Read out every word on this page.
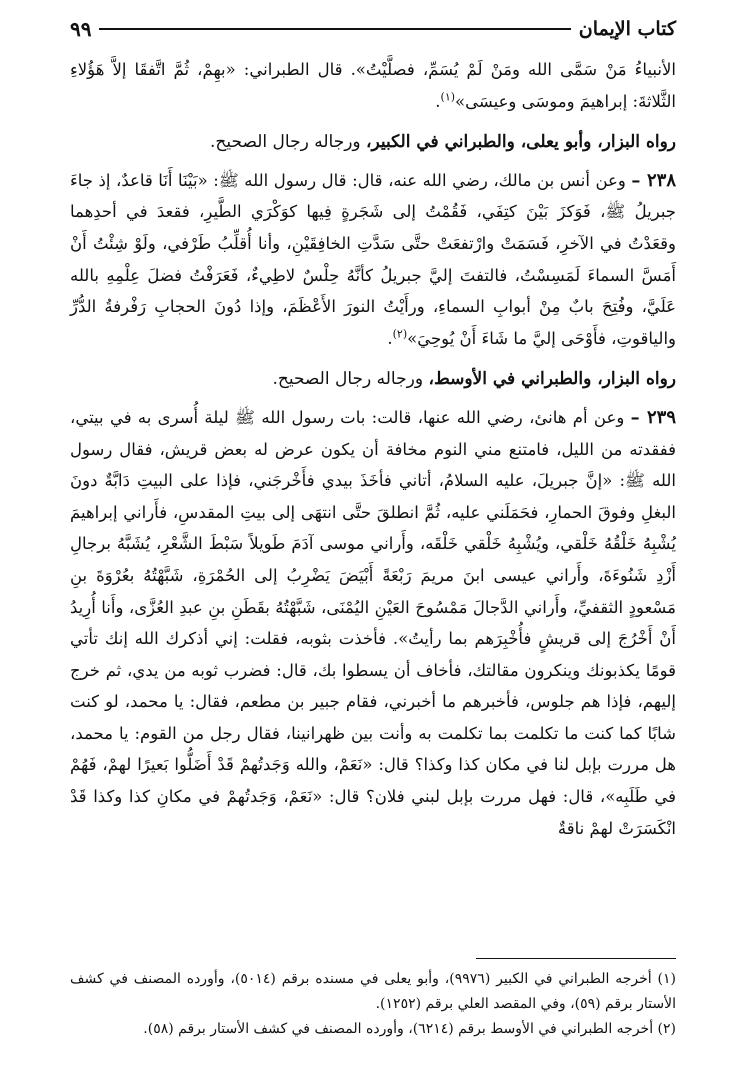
كتاب الإيمان
٩٩

الأنبياءُ مَنْ سَمَّى الله ومَنْ لَمْ يُسَمِّ، فصلَّيْتُ». قال الطبراني: «بهِمْ، ثُمَّ اتَّفقَا إلاَّ هَؤُلاءِ الثَّلاثةَ: إبراهيمَ وموسَى وعيسَى»$^{(١)}$.

رواه البزار، وأبو يعلى، والطبراني في الكبير، ورجاله رجال الصحيح.

٢٣٨ – وعن أنس بن مالك، رضي الله عنه، قال: قال رسول الله ﷺ: «بَيْنَا أَنَا قاعدٌ، إذ جاءَ جبريلُ ﷺ، فَوَكزَ بَيْنَ كتِفَي، فَقُمْتُ إلى شَجَرةٍ فِيها كوَكْرَي الطَّيرِ، فقعدَ في أحدِهما وقعَدْتُ في الآخرِ، فَسَمَتْ وارْتفعَتْ حتَّى سَدَّتِ الخافِقَيْنِ، وأنا أُقلِّبُ طَرْفي، ولَوْ شِئْتُ أَنْ أَمَسَّ السماءَ لَمَسِسْتُ، فالتفتَ إليَّ جبريلُ كأنَّهُ حِلْسٌ لاطِيءٌ، فَعَرَفْتُ فضلَ عِلْمِهِ بالله عَلَيَّ، وفُتِحَ بابٌ مِنْ أبوابِ السماءِ، ورأَيْتُ النورَ الأَعْظَمَ، وإذا دُونَ الحجابِ رَفْرفةُ الدُّرِّ والياقوتِ، فأَوْحَى إليَّ ما شَاءَ أَنْ يُوحِيَ»$^{(٢)}$.

رواه البزار، والطبراني في الأوسط، ورجاله رجال الصحيح.

٢٣٩ – وعن أم هانئ، رضي الله عنها، قالت: بات رسول الله ﷺ ليلة أُسرى به في بيتي، ففقدته من الليل، فامتنع مني النوم مخافة أن يكون عرض له بعض قريش، فقال رسول الله ﷺ: «إنَّ جبريلَ، عليه السلامُ، أتاني فأخَذَ بيدي فأَخْرجَني، فإذا على البيتِ دَابَّةٌ دونَ البغلِ وفوقَ الحمارِ، فحَمَلَني عليه، ثُمَّ انطلقَ حتَّى انتهَى إلى بيتِ المقدسِ، فأَراني إبراهيمَ يُشْبِهُ خَلْقُهُ خَلْقي، ويُشْبِهُ خَلْقي خَلْقَه، وأَراني موسى آدَمَ طَويلاً سَبْطَ الشَّعْرِ، يُشَبَّهُ برجالِ أَزْدِ شَنُوءَةَ، وأَراني عيسى ابنَ مريمَ رَبْعَةً أَبْيَضَ يَضْرِبُ إلى الحُمْرَةِ، شَبَّهْتُهُ بعُرْوَةَ بنِ مَسْعودٍ الثقفيِّ، وأَراني الدَّجالَ مَمْسُوحَ العَيْنِ اليُمْنَى، شَبَّهْتُهُ بقَطَنِ بنِ عبدِ العُزَّى، وأَنا أُرِيدُ أَنْ أَخْرُجَ إلى قريشٍ فأُخْبِرَهم بما رأيتُ». فأخذت بثوبه، فقلت: إني أذكرك الله إنك تأتي قومًا يكذبونك وينكرون مقالتك، فأخاف أن يسطوا بك، قال: فضرب ثوبه من يدي، ثم خرج إليهم، فإذا هم جلوس، فأخبرهم ما أخبرني، فقام جبير بن مطعم، فقال: يا محمد، لو كنت شابًا كما كنت ما تكلمت بما تكلمت به وأنت بين ظهرانينا، فقال رجل من القوم: يا محمد، هل مررت بإبل لنا في مكان كذا وكذا؟ قال: «نَعَمْ، والله وَجَدتُهمْ قَدْ أَضَلُّوا بَعيرًا لهمْ، فَهُمْ في طَلَبِه»، قال: فهل مررت بإبل لبني فلان؟ قال: «نَعَمْ، وَجَدتُهمْ في مكانِ كذا وكذا قَدْ انْكَسَرَتْ لهمْ ناقةٌ

(١) أخرجه الطبراني في الكبير (٩٩٧٦)، وأبو يعلى في مسنده برقم (٥٠١٤)، وأورده المصنف في كشف الأستار برقم (٥٩)، وفي المقصد العلي برقم (١٢٥٢).

(٢) أخرجه الطبراني في الأوسط برقم (٦٢١٤)، وأورده المصنف في كشف الأستار برقم (٥٨).
